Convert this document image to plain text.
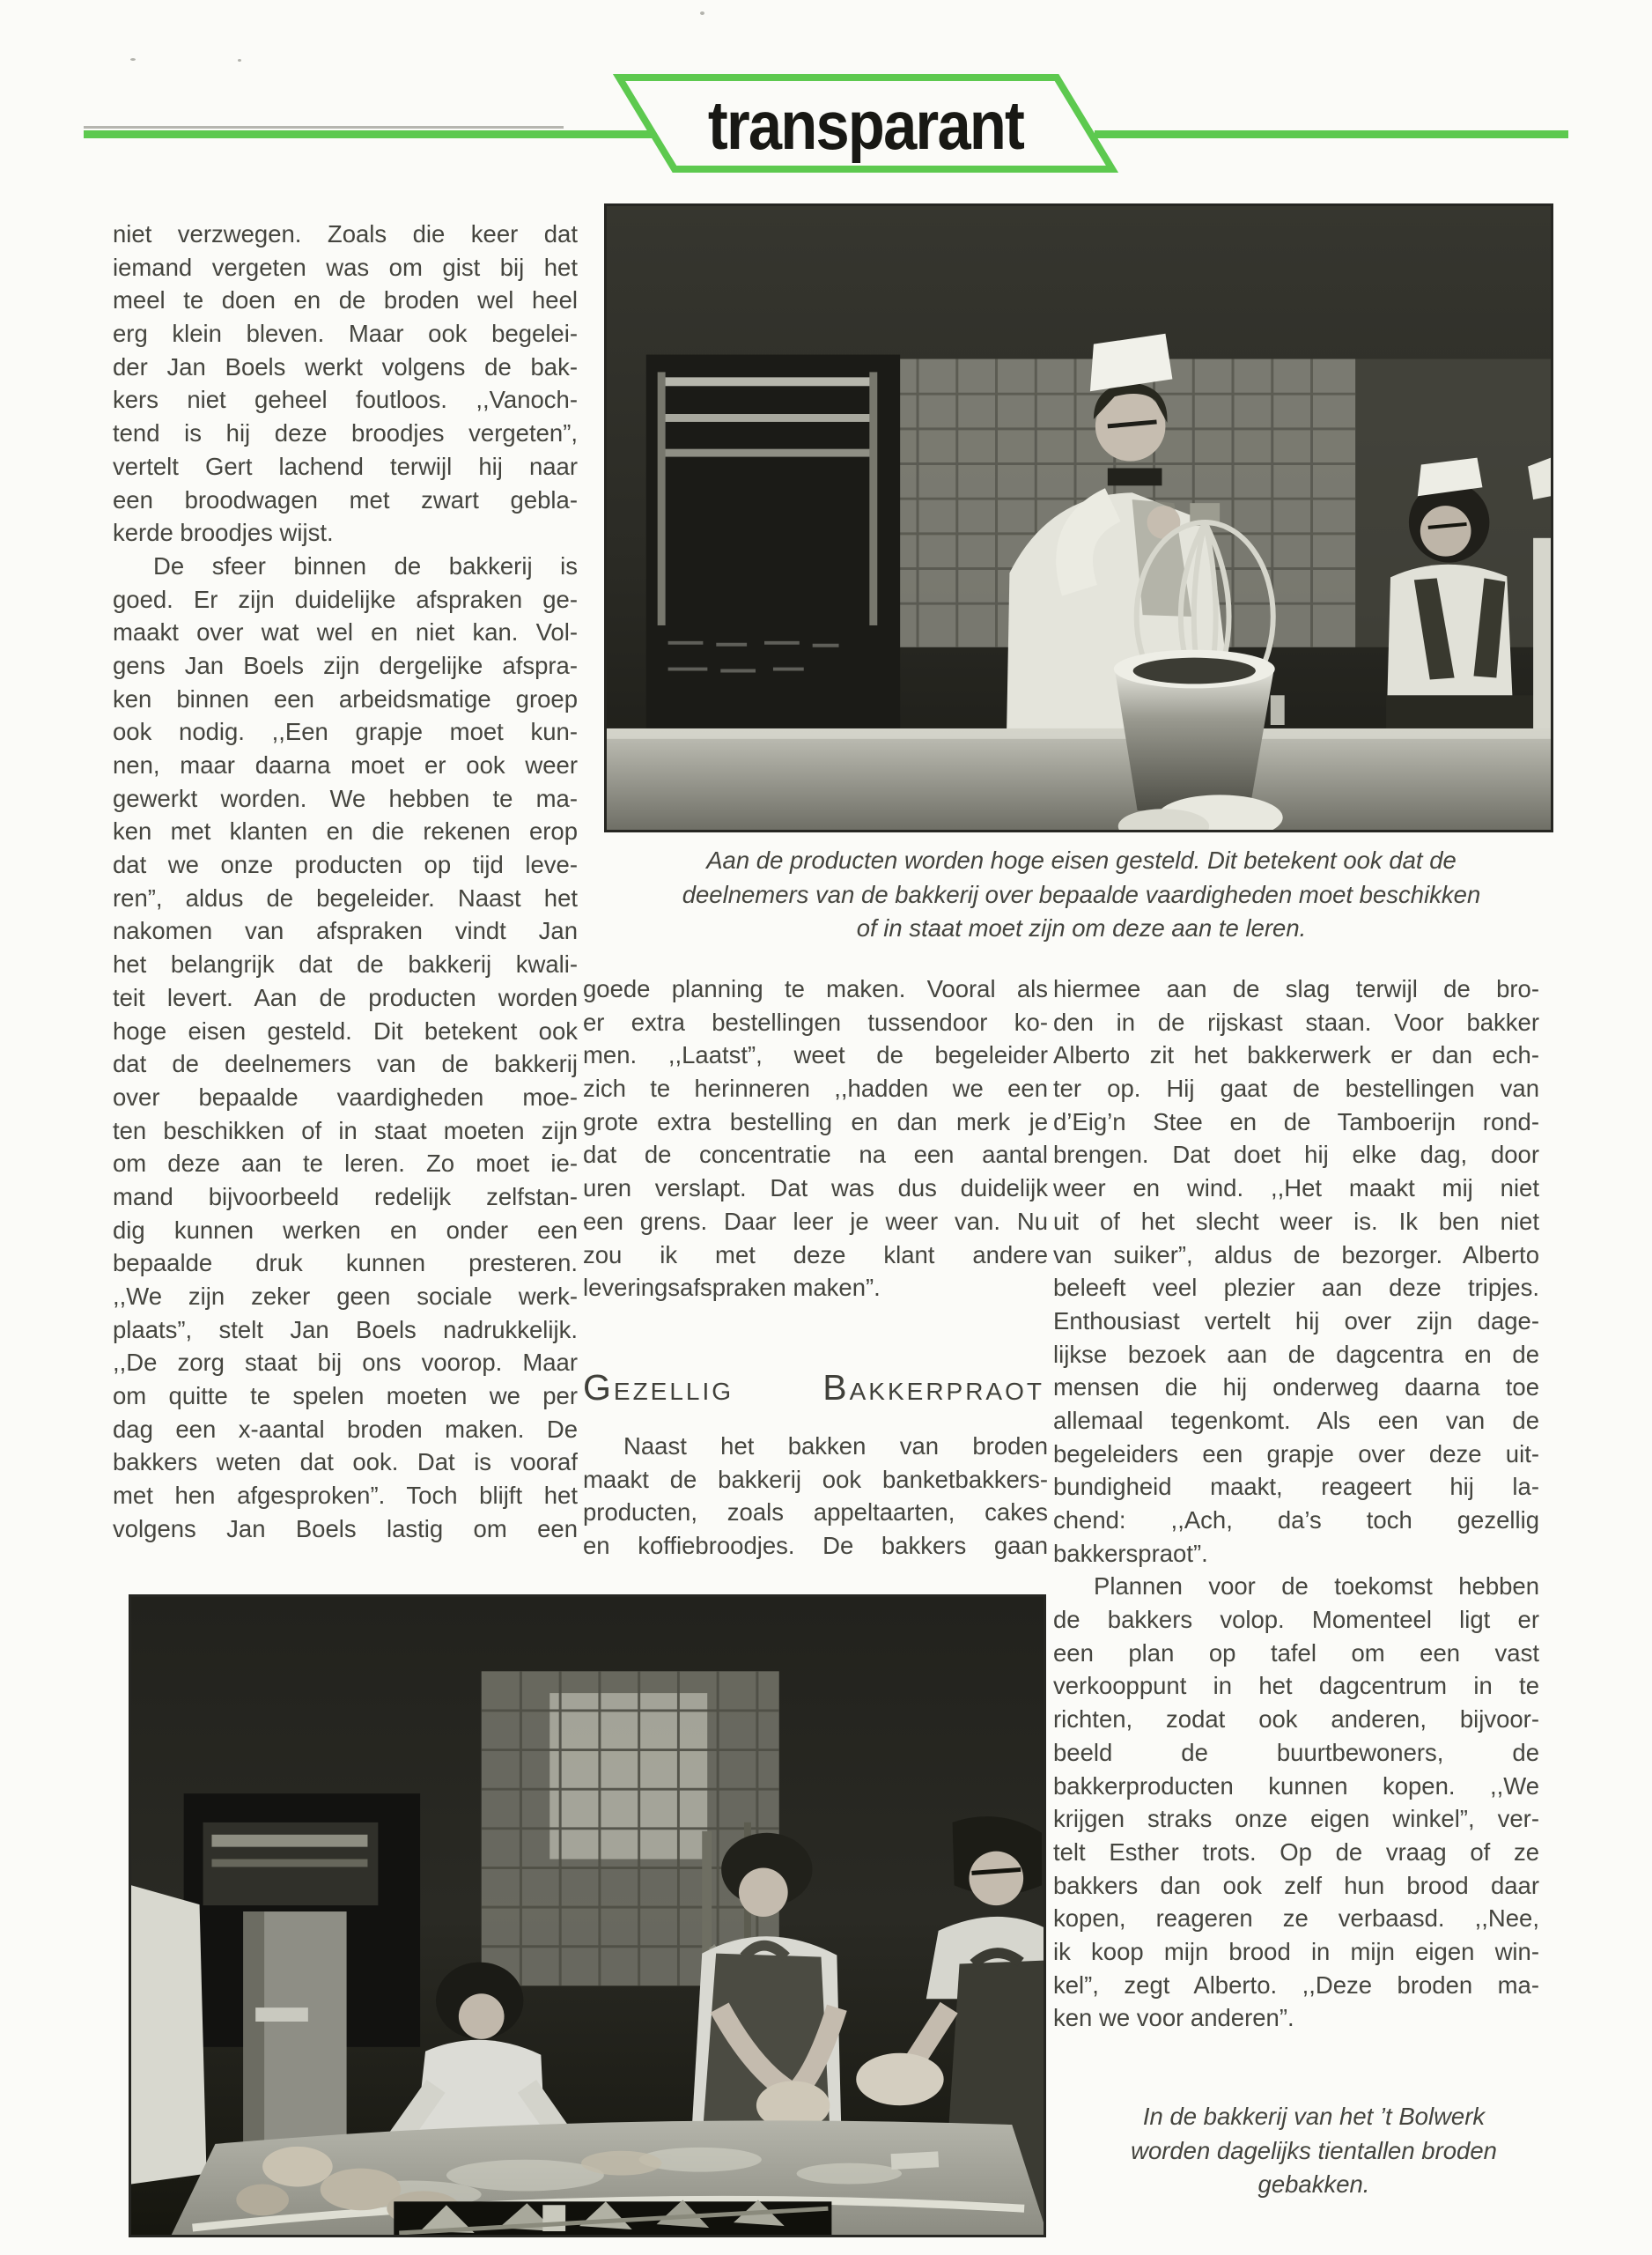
transparant
Aan de producten worden hoge eisen gesteld. Dit betekent ook dat de
deelnemers van de bakkerij over bepaalde vaardigheden moet beschikken
of in staat moet zijn om deze aan te leren.
niet verzwegen. Zoals die keer dat
iemand vergeten was om gist bij het
meel te doen en de broden wel heel
erg klein bleven. Maar ook begelei-
der Jan Boels werkt volgens de bak-
kers niet geheel foutloos. ,,Vanoch-
tend is hij deze broodjes vergeten”,
vertelt Gert lachend terwijl hij naar
een broodwagen met zwart gebla-
kerde broodjes wijst.
De sfeer binnen de bakkerij is
goed. Er zijn duidelijke afspraken ge-
maakt over wat wel en niet kan. Vol-
gens Jan Boels zijn dergelijke afspra-
ken binnen een arbeidsmatige groep
ook nodig. ,,Een grapje moet kun-
nen, maar daarna moet er ook weer
gewerkt worden. We hebben te ma-
ken met klanten en die rekenen erop
dat we onze producten op tijd leve-
ren”, aldus de begeleider. Naast het
nakomen van afspraken vindt Jan
het belangrijk dat de bakkerij kwali-
teit levert. Aan de producten worden
hoge eisen gesteld. Dit betekent ook
dat de deelnemers van de bakkerij
over bepaalde vaardigheden moe-
ten beschikken of in staat moeten zijn
om deze aan te leren. Zo moet ie-
mand bijvoorbeeld redelijk zelfstan-
dig kunnen werken en onder een
bepaalde druk kunnen presteren.
,,We zijn zeker geen sociale werk-
plaats”, stelt Jan Boels nadrukkelijk.
,,De zorg staat bij ons voorop. Maar
om quitte te spelen moeten we per
dag een x-aantal broden maken. De
bakkers weten dat ook. Dat is vooraf
met hen afgesproken”. Toch blijft het
volgens Jan Boels lastig om een
goede planning te maken. Vooral als
er extra bestellingen tussendoor ko-
men. ,,Laatst”, weet de begeleider
zich te herinneren ,,hadden we een
grote extra bestelling en dan merk je
dat de concentratie na een aantal
uren verslapt. Dat was dus duidelijk
een grens. Daar leer je weer van. Nu
zou ik met deze klant andere
leveringsafspraken maken”.
GEZELLIG BAKKERPRAOT
Naast het bakken van broden
maakt de bakkerij ook banketbakkers-
producten, zoals appeltaarten, cakes
en koffiebroodjes. De bakkers gaan
hiermee aan de slag terwijl de bro-
den in de rijskast staan. Voor bakker
Alberto zit het bakkerwerk er dan ech-
ter op. Hij gaat de bestellingen van
d’Eig’n Stee en de Tamboerijn rond-
brengen. Dat doet hij elke dag, door
weer en wind. ,,Het maakt mij niet
uit of het slecht weer is. Ik ben niet
van suiker”, aldus de bezorger. Alberto
beleeft veel plezier aan deze tripjes.
Enthousiast vertelt hij over zijn dage-
lijkse bezoek aan de dagcentra en de
mensen die hij onderweg daarna toe
allemaal tegenkomt. Als een van de
begeleiders een grapje over deze uit-
bundigheid maakt, reageert hij la-
chend: ,,Ach, da’s toch gezellig
bakkerspraot”.
Plannen voor de toekomst hebben
de bakkers volop. Momenteel ligt er
een plan op tafel om een vast
verkooppunt in het dagcentrum in te
richten, zodat ook anderen, bijvoor-
beeld de buurtbewoners, de
bakkerproducten kunnen kopen. ,,We
krijgen straks onze eigen winkel”, ver-
telt Esther trots. Op de vraag of ze
bakkers dan ook zelf hun brood daar
kopen, reageren ze verbaasd. ,,Nee,
ik koop mijn brood in mijn eigen win-
kel”, zegt Alberto. ,,Deze broden ma-
ken we voor anderen”.
In de bakkerij van het ’t Bolwerk
worden dagelijks tientallen broden
gebakken.
